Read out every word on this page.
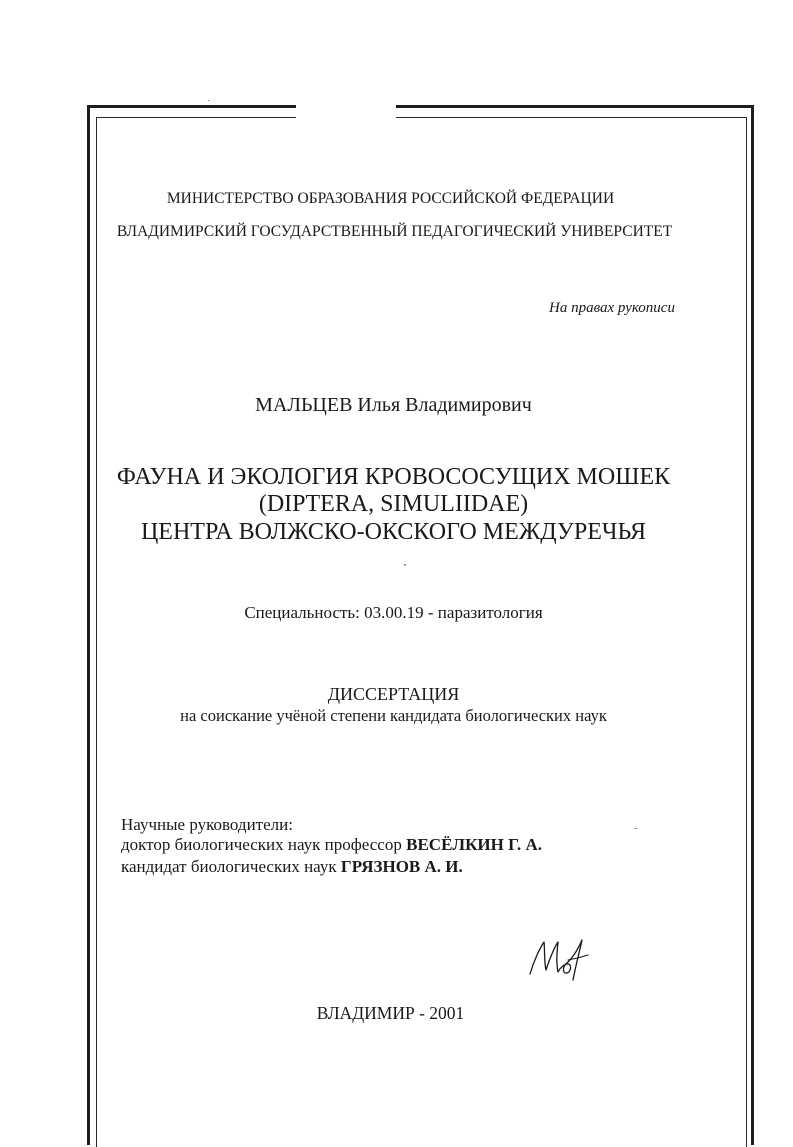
МИНИСТЕРСТВО ОБРАЗОВАНИЯ РОССИЙСКОЙ ФЕДЕРАЦИИ
ВЛАДИМИРСКИЙ ГОСУДАРСТВЕННЫЙ ПЕДАГОГИЧЕСКИЙ УНИВЕРСИТЕТ
На правах рукописи
МАЛЬЦЕВ Илья Владимирович
ФАУНА И ЭКОЛОГИЯ КРОВОСОСУЩИХ МОШЕК
(DIPTERA, SIMULIIDAE)
ЦЕНТРА ВОЛЖСКО-ОКСКОГО МЕЖДУРЕЧЬЯ
Специальность: 03.00.19 - паразитология
ДИССЕРТАЦИЯ
на соискание учёной степени кандидата биологических наук
Научные руководители:
доктор биологических наук профессор ВЕСЁЛКИН Г. А.
кандидат биологических наук ГРЯЗНОВ А. И.
ВЛАДИМИР - 2001
